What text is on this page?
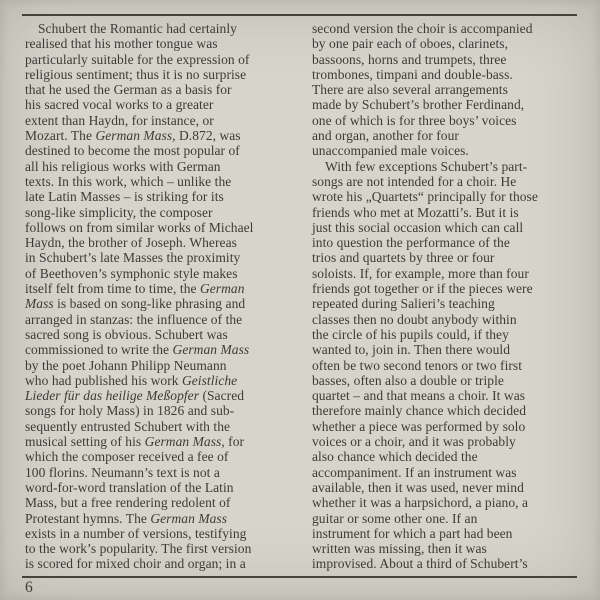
Schubert the Romantic had certainly
realised that his mother tongue was
particularly suitable for the expression of
religious sentiment; thus it is no surprise
that he used the German as a basis for
his sacred vocal works to a greater
extent than Haydn, for instance, or
Mozart. The German Mass, D.872, was
destined to become the most popular of
all his religious works with German
texts. In this work, which – unlike the
late Latin Masses – is striking for its
song-like simplicity, the composer
follows on from similar works of Michael
Haydn, the brother of Joseph. Whereas
in Schubert’s late Masses the proximity
of Beethoven’s symphonic style makes
itself felt from time to time, the German
Mass is based on song-like phrasing and
arranged in stanzas: the influence of the
sacred song is obvious. Schubert was
commissioned to write the German Mass
by the poet Johann Philipp Neumann
who had published his work Geistliche
Lieder für das heilige Meßopfer (Sacred
songs for holy Mass) in 1826 and sub-
sequently entrusted Schubert with the
musical setting of his German Mass, for
which the composer received a fee of
100 florins. Neumann’s text is not a
word-for-word translation of the Latin
Mass, but a free rendering redolent of
Protestant hymns. The German Mass
exists in a number of versions, testifying
to the work’s popularity. The first version
is scored for mixed choir and organ; in a
second version the choir is accompanied
by one pair each of oboes, clarinets,
bassoons, horns and trumpets, three
trombones, timpani and double-bass.
There are also several arrangements
made by Schubert’s brother Ferdinand,
one of which is for three boys’ voices
and organ, another for four
unaccompanied male voices.
With few exceptions Schubert’s part-
songs are not intended for a choir. He
wrote his „Quartets“ principally for those
friends who met at Mozatti’s. But it is
just this social occasion which can call
into question the performance of the
trios and quartets by three or four
soloists. If, for example, more than four
friends got together or if the pieces were
repeated during Salieri’s teaching
classes then no doubt anybody within
the circle of his pupils could, if they
wanted to, join in. Then there would
often be two second tenors or two first
basses, often also a double or triple
quartet – and that means a choir. It was
therefore mainly chance which decided
whether a piece was performed by solo
voices or a choir, and it was probably
also chance which decided the
accompaniment. If an instrument was
available, then it was used, never mind
whether it was a harpsichord, a piano, a
guitar or some other one. If an
instrument for which a part had been
written was missing, then it was
improvised. About a third of Schubert’s
6
